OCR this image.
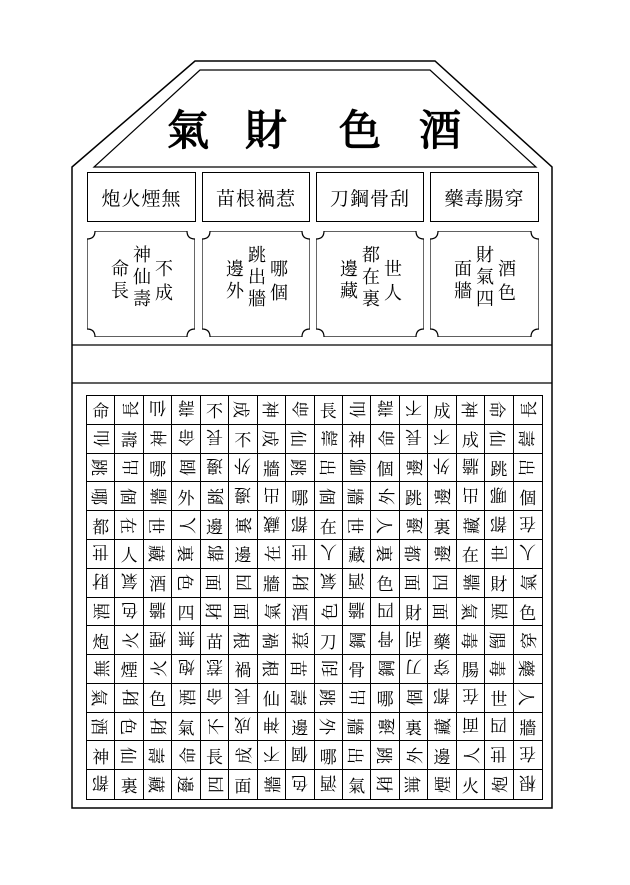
氣 財 色 酒
炮火煙無 苗根禍惹 刀鋼骨刮 藥毒腸穿
神
不
命 仙
成
長 壽
跳
哪
邊 出
個
外 牆
都
世
邊 在
人
藏 裏
財
酒
面 氣
色
牆 四
命 長 仙 壽 不 成 神 命 長 仙 壽 不 成 神 命 長
仙 壽 神 命 長 不 成 仙 壽 神 命 長 不 成 仙 壽
跳 出 哪 個 邊 外 牆 跳 出 哪 個 邊 外 牆 跳 出
哪 個 牆 外 跳 邊 出 哪 個 牆 外 跳 邊 出 哪 個
都 在 世 人 邊 裏 藏 都 在 世 人 邊 裏 藏 都 在
世 人 藏 裏 都 邊 在 世 人 藏 裏 都 邊 在 世 人
財 氣 酒 色 面 四 牆 財 氣 酒 色 面 四 牆 財 氣
酒 色 牆 四 財 面 氣 酒 色 牆 四 財 面 氣 酒 色
炮 火 煙 無 苗 根 禍 惹 刀 鋼 骨 刮 藥 毒 腸 穿
無 煙 火 炮 惹 禍 根 苗 刮 骨 鋼 刀 穿 腸 毒 藥
氣 財 色 酒 命 長 仙 壽 跳 出 哪 個 都 在 世 人
酒 色 財 氣 不 成 神 邊 外 牆 邊 裏 藏 面 四 牆
神 仙 壽 命 長 成 不 個 哪 出 跳 外 邊 人 世 在
都 裏 藏 邊 四 面 牆 色 酒 氣 財 無 煙 火 炮 根
